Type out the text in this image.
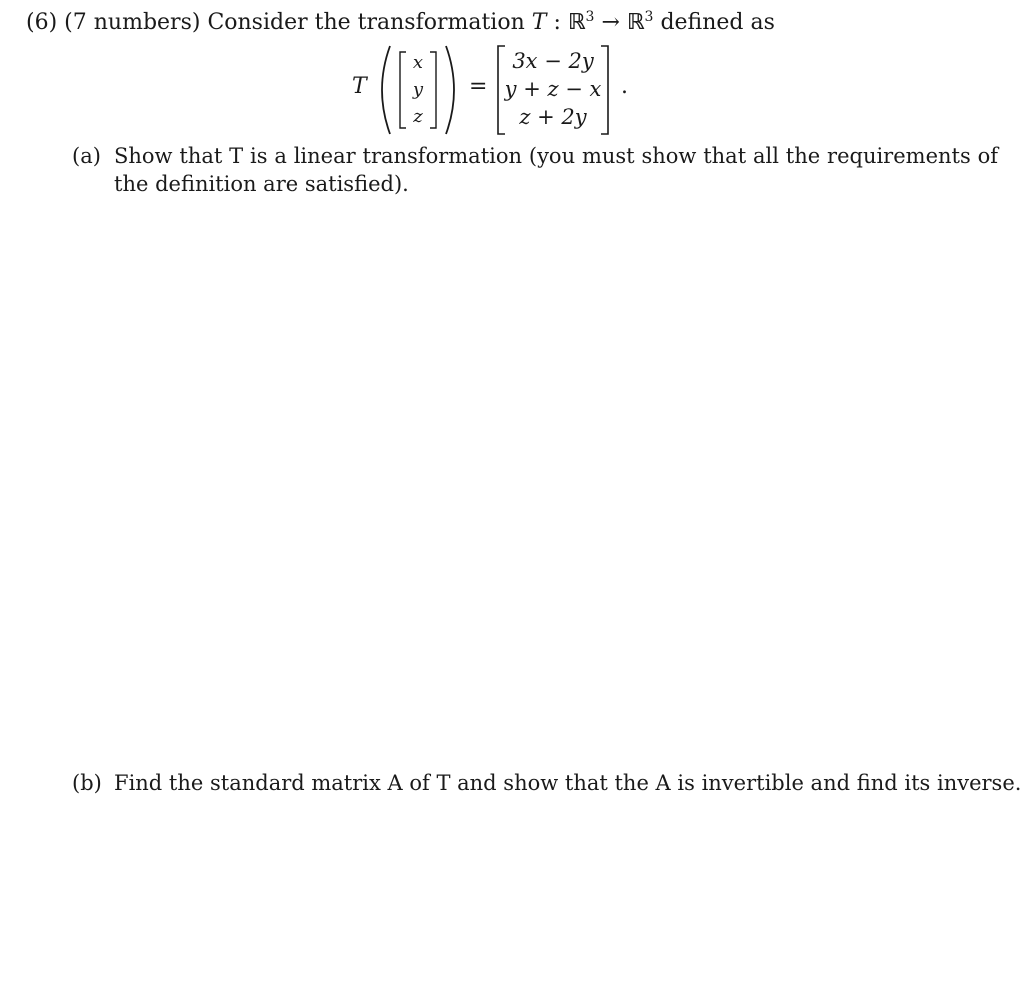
(6) (7 numbers) Consider the transformation T : ℝ$^3$ → ℝ$^3$ defined as
T
x
y
z
=
3x − 2y
y + z − x
z + 2y
.
(a) Show that T is a linear transformation (you must show that all the requirements of the definition are satisfied).
(b) Find the standard matrix A of T and show that the A is invertible and find its inverse.
